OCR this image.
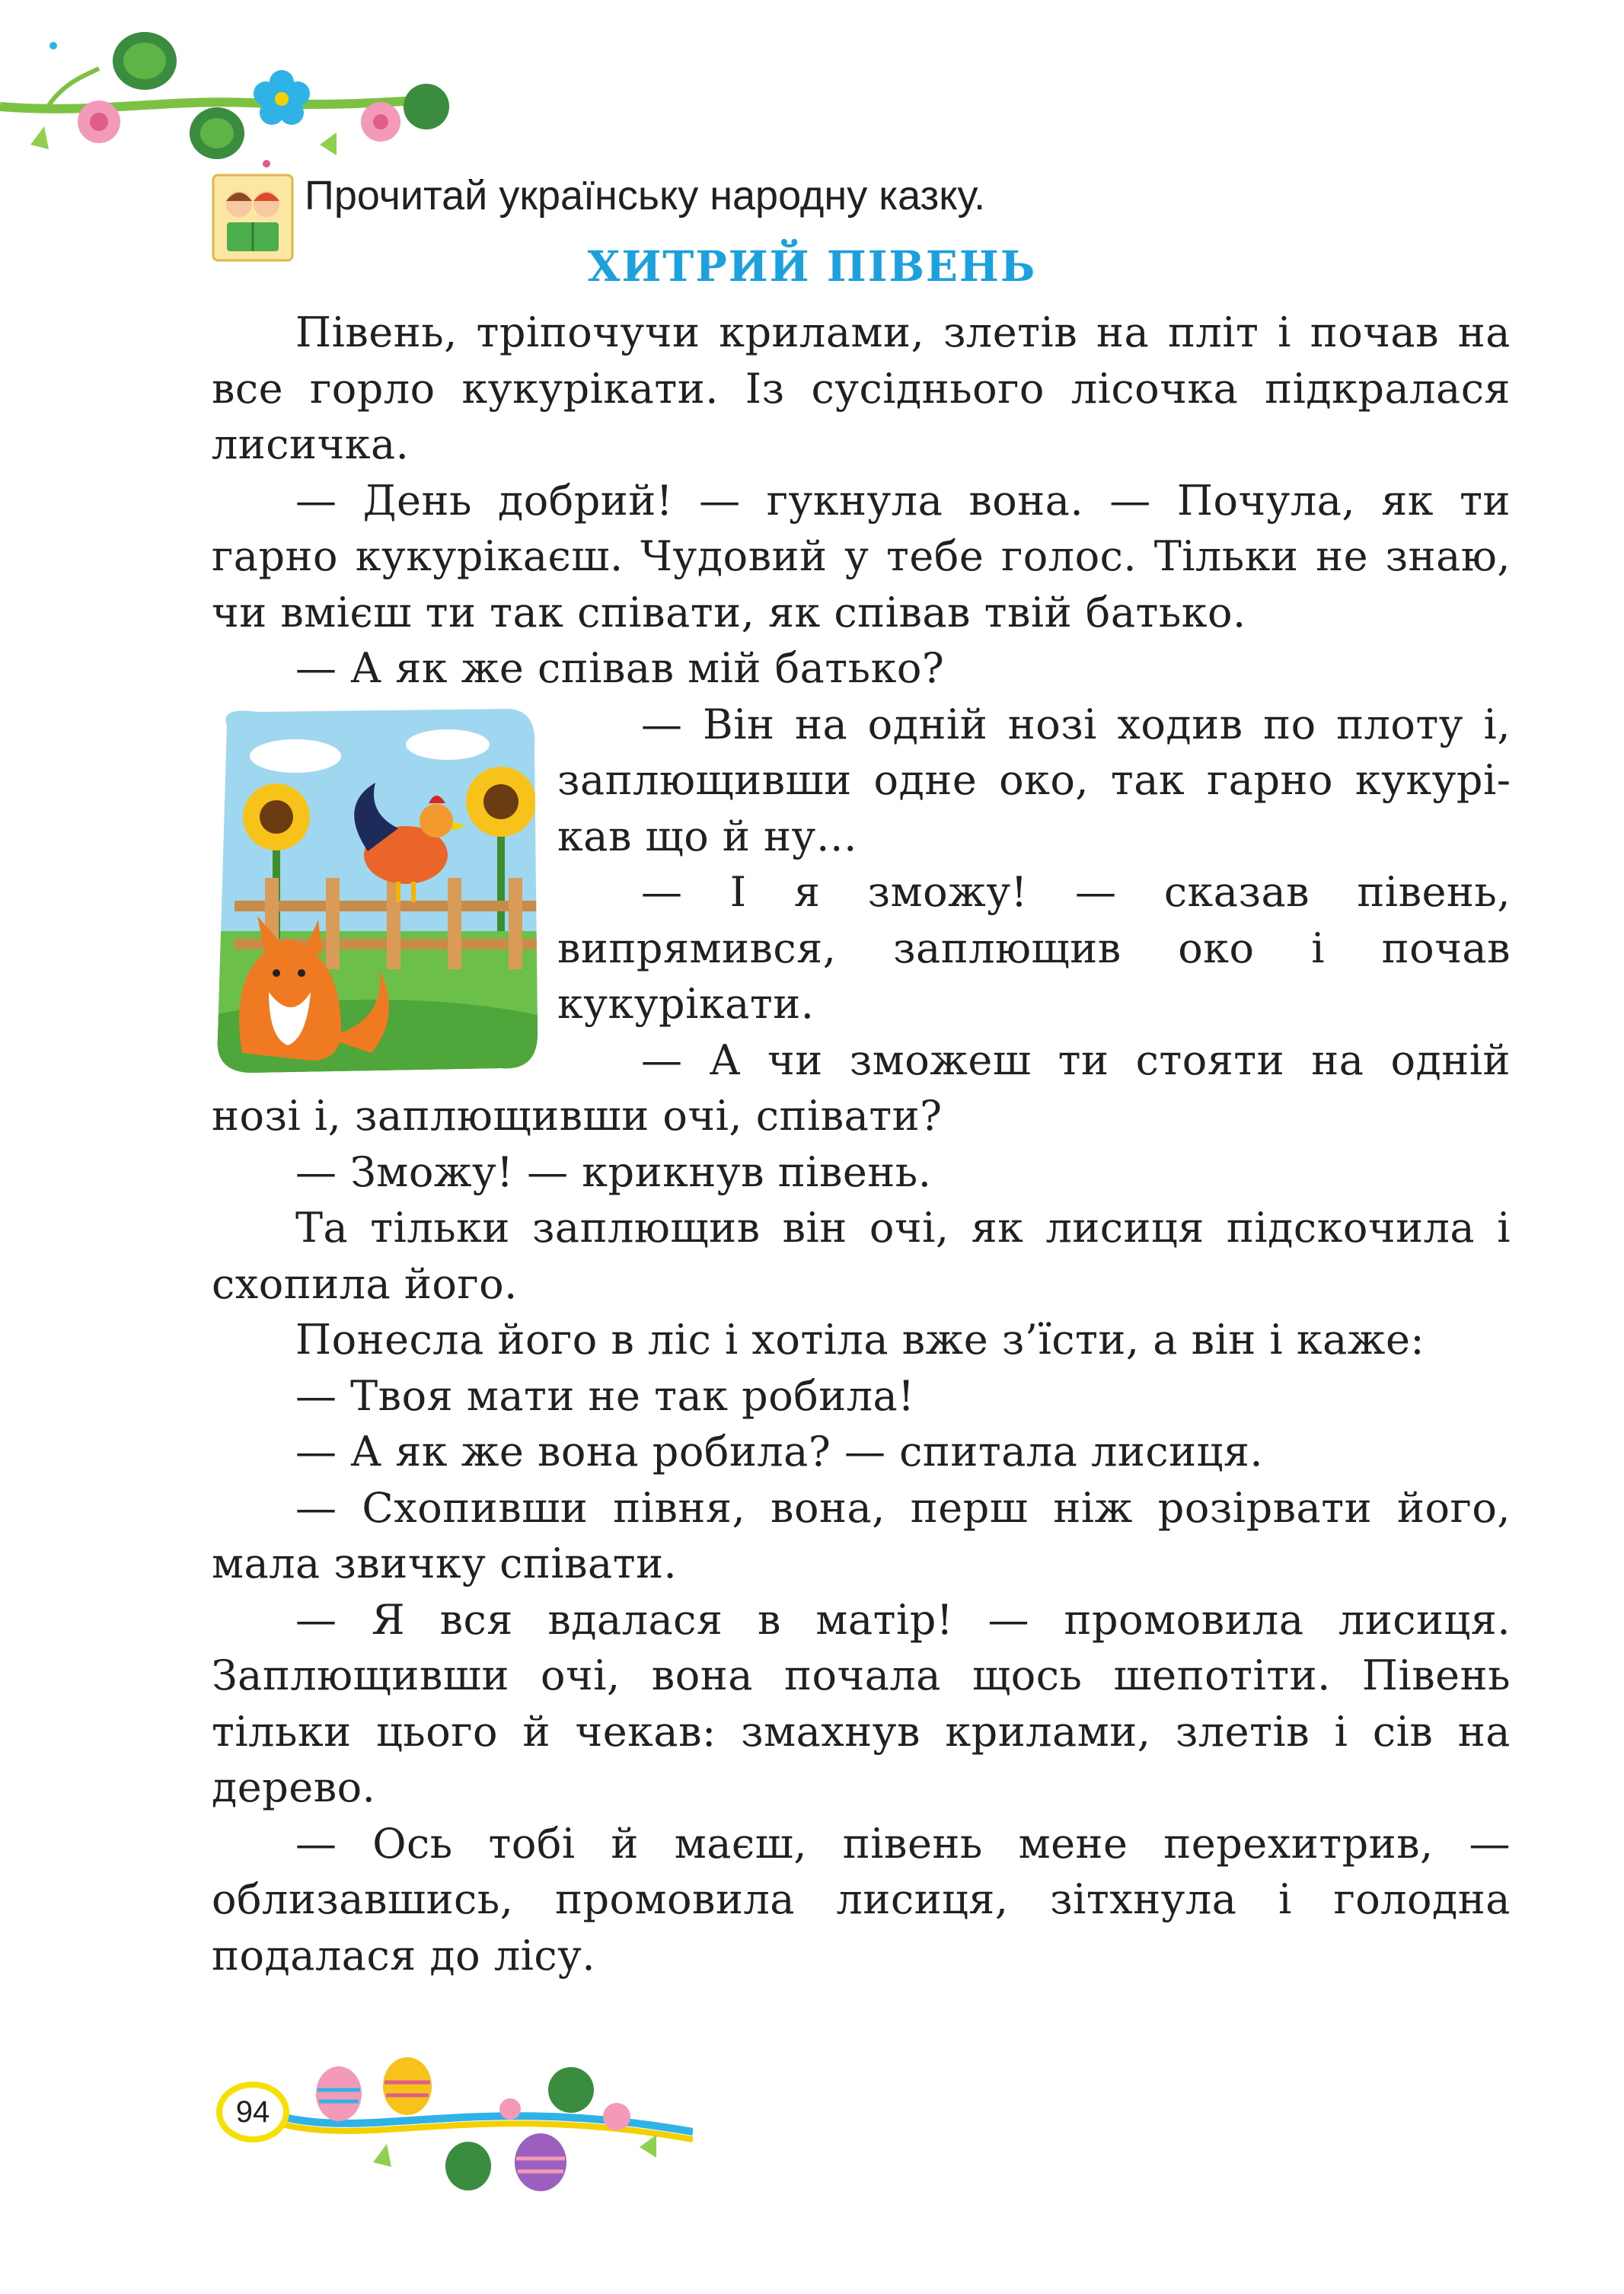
Прочитай українську народну казку.
ХИТРИЙ ПІВЕНЬ

Півень, тріпочучи крилами, злетів на пліт і почав на все горло кукурікати. Із сусіднього лісочка підкралася лисичка.

— День добрий! — гукнула вона. — Почула, як ти гарно кукурікаєш. Чудовий у тебе голос. Тільки не знаю, чи вмієш ти так співати, як співав твій батько.

— А як же співав мій батько?

— Він на одній нозі ходив по плоту і, заплющивши одне око, так гарно кукурікав що й ну…

— І я зможу! — сказав півень, випрямився, заплющив око і почав кукурікати.

— А чи зможеш ти стояти на одній нозі і, заплющивши очі, співати?

— Зможу! — крикнув півень.

Та тільки заплющив він очі, як лисиця підскочила і схопила його.

Понесла його в ліс і хотіла вже з’їсти, а він і каже:

— Твоя мати не так робила!

— А як же вона робила? — спитала лисиця.

— Схопивши півня, вона, перш ніж розірвати його, мала звичку співати.

— Я вся вдалася в матір! — промовила лисиця. Заплющивши очі, вона почала щось шепотіти. Півень тільки цього й чекав: змахнув крилами, злетів і сів на дерево.

— Ось тобі й маєш, півень мене перехитрив, — облизавшись, промовила лисиця, зітхнула і голодна подалася до лісу.

94
